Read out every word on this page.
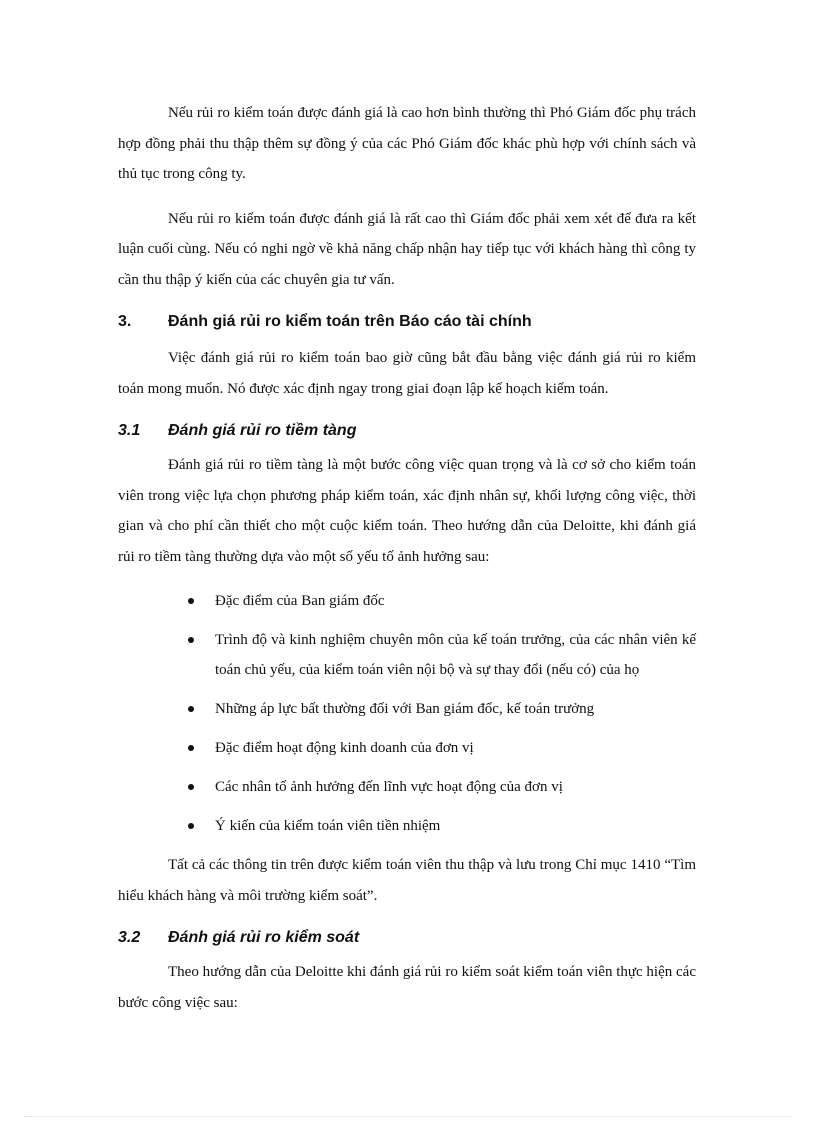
Nếu rủi ro kiểm toán được đánh giá là cao hơn bình thường thì Phó Giám đốc phụ trách hợp đồng phải thu thập thêm sự đồng ý của các Phó Giám đốc khác phù hợp với chính sách và thủ tục trong công ty.

Nếu rủi ro kiểm toán được đánh giá là rất cao thì Giám đốc phải xem xét để đưa ra kết luận cuối cùng. Nếu có nghi ngờ về khả năng chấp nhận hay tiếp tục với khách hàng thì công ty cần thu thập ý kiến của các chuyên gia tư vấn.

3. Đánh giá rủi ro kiểm toán trên Báo cáo tài chính

Việc đánh giá rủi ro kiểm toán bao giờ cũng bắt đầu bằng việc đánh giá rủi ro kiểm toán mong muốn. Nó được xác định ngay trong giai đoạn lập kế hoạch kiểm toán.

3.1 Đánh giá rủi ro tiềm tàng

Đánh giá rủi ro tiềm tàng là một bước công việc quan trọng và là cơ sở cho kiểm toán viên trong việc lựa chọn phương pháp kiểm toán, xác định nhân sự, khối lượng công việc, thời gian và cho phí cần thiết cho một cuộc kiểm toán. Theo hướng dẫn của Deloitte, khi đánh giá rủi ro tiềm tàng thường dựa vào một số yếu tố ảnh hưởng sau:

Đặc điểm của Ban giám đốc
Trình độ và kinh nghiệm chuyên môn của kế toán trưởng, của các nhân viên kế toán chủ yếu, của kiểm toán viên nội bộ và sự thay đổi (nếu có) của họ
Những áp lực bất thường đối với Ban giám đốc, kế toán trưởng
Đặc điểm hoạt động kinh doanh của đơn vị
Các nhân tố ảnh hưởng đến lĩnh vực hoạt động của đơn vị
Ý kiến của kiểm toán viên tiền nhiệm

Tất cả các thông tin trên được kiểm toán viên thu thập và lưu trong Chỉ mục 1410 “Tìm hiểu khách hàng và môi trường kiểm soát”.

3.2 Đánh giá rủi ro kiểm soát

Theo hướng dẫn của Deloitte khi đánh giá rủi ro kiểm soát kiểm toán viên thực hiện các bước công việc sau:
